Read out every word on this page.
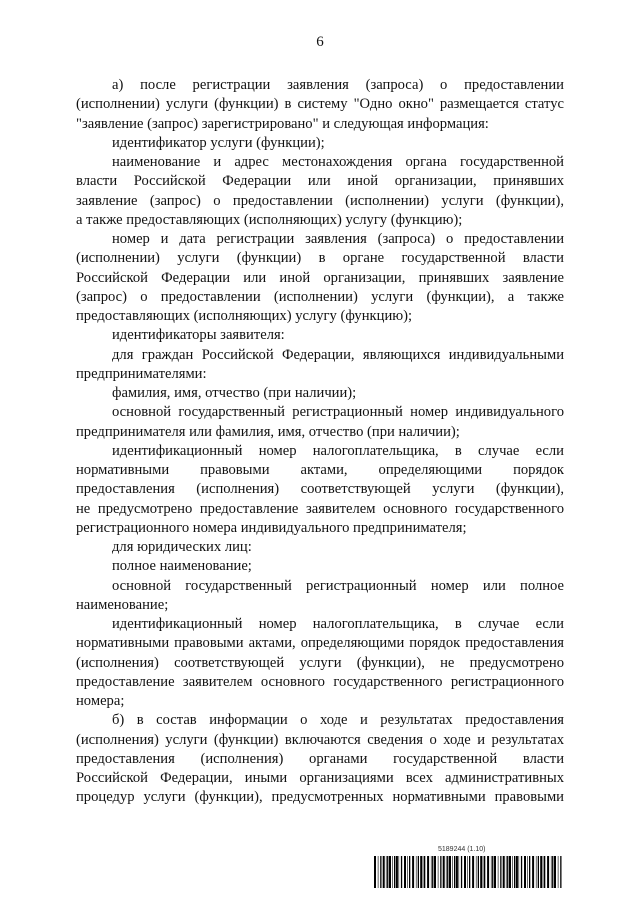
6
а) после регистрации заявления (запроса) о предоставлении
(исполнении) услуги (функции) в систему "Одно окно" размещается статус
"заявление (запрос) зарегистрировано" и следующая информация:
идентификатор услуги (функции);
наименование и адрес местонахождения органа государственной
власти Российской Федерации или иной организации, принявших
заявление (запрос) о предоставлении (исполнении) услуги (функции),
а также предоставляющих (исполняющих) услугу (функцию);
номер и дата регистрации заявления (запроса) о предоставлении
(исполнении) услуги (функции) в органе государственной власти
Российской Федерации или иной организации, принявших заявление
(запрос) о предоставлении (исполнении) услуги (функции), а также
предоставляющих (исполняющих) услугу (функцию);
идентификаторы заявителя:
для граждан Российской Федерации, являющихся индивидуальными
предпринимателями:
фамилия, имя, отчество (при наличии);
основной государственный регистрационный номер индивидуального
предпринимателя или фамилия, имя, отчество (при наличии);
идентификационный номер налогоплательщика, в случае если
нормативными правовыми актами, определяющими порядок
предоставления (исполнения) соответствующей услуги (функции),
не предусмотрено предоставление заявителем основного государственного
регистрационного номера индивидуального предпринимателя;
для юридических лиц:
полное наименование;
основной государственный регистрационный номер или полное
наименование;
идентификационный номер налогоплательщика, в случае если
нормативными правовыми актами, определяющими порядок предоставления
(исполнения) соответствующей услуги (функции), не предусмотрено
предоставление заявителем основного государственного регистрационного
номера;
б) в состав информации о ходе и результатах предоставления
(исполнения) услуги (функции) включаются сведения о ходе и результатах
предоставления (исполнения) органами государственной власти
Российской Федерации, иными организациями всех административных
процедур услуги (функции), предусмотренных нормативными правовыми
5189244 (1.10)
